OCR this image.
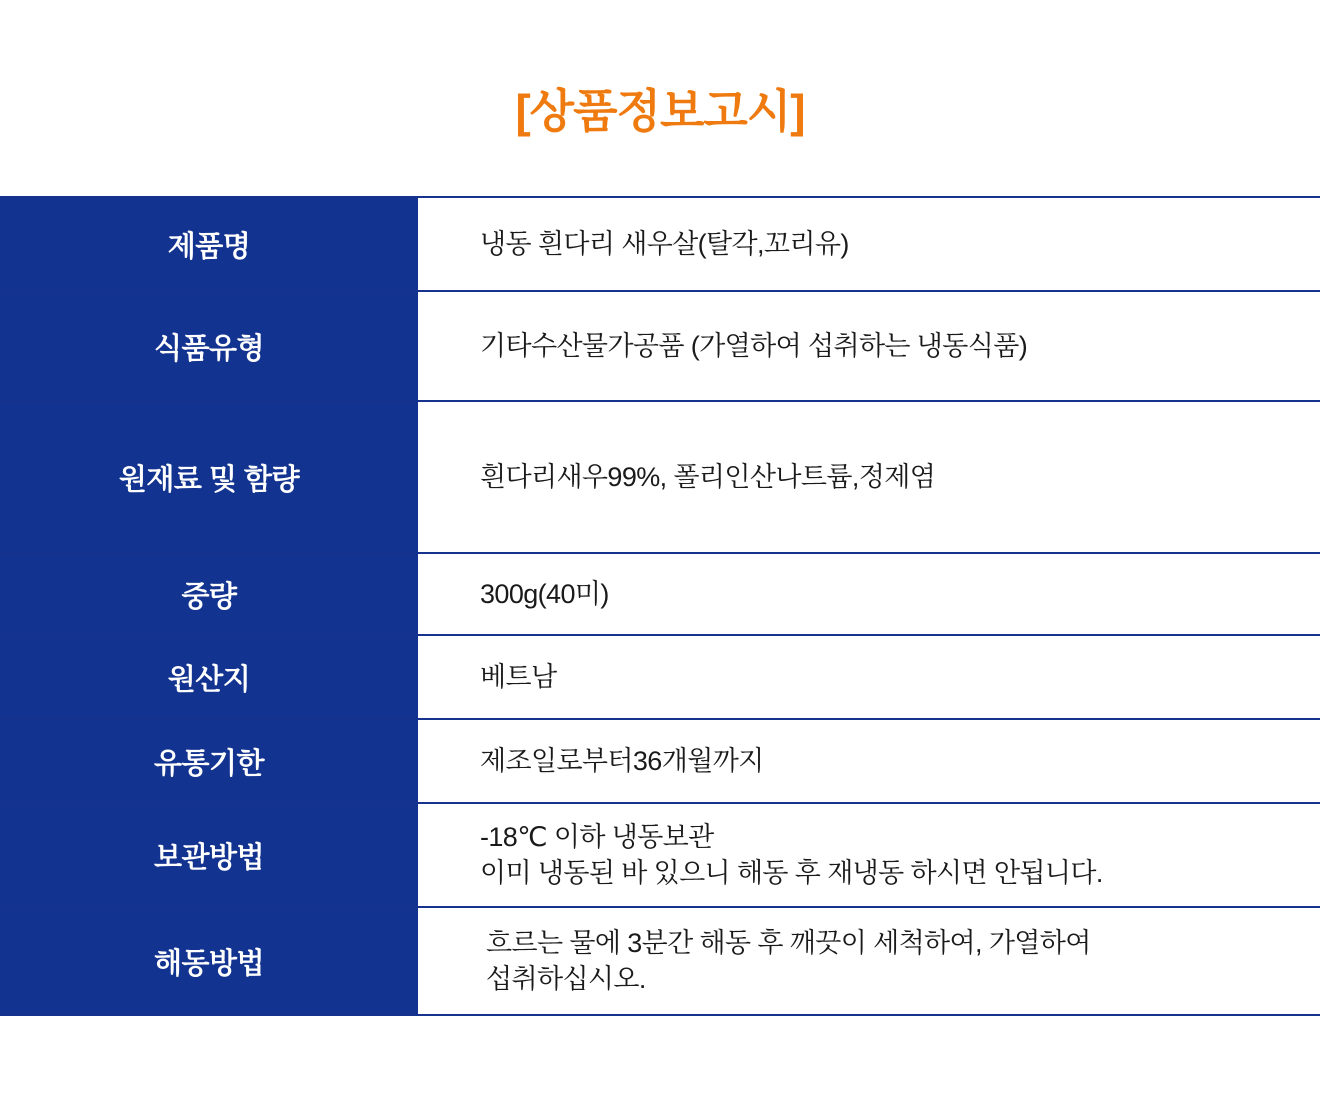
[상품정보고시]
제품명	냉동 흰다리 새우살(탈각,꼬리유)

식품유형	기타수산물가공품 (가열하여 섭취하는 냉동식품)

원재료 및 함량	흰다리새우99%, 폴리인산나트륨,정제염

중량	300g(40미)

원산지	베트남

유통기한	제조일로부터36개월까지

보관방법	-18℃ 이하 냉동보관
이미 냉동된 바 있으니 해동 후 재냉동 하시면 안됩니다.

해동방법	흐르는 물에 3분간 해동 후 깨끗이 세척하여, 가열하여
섭취하십시오.
